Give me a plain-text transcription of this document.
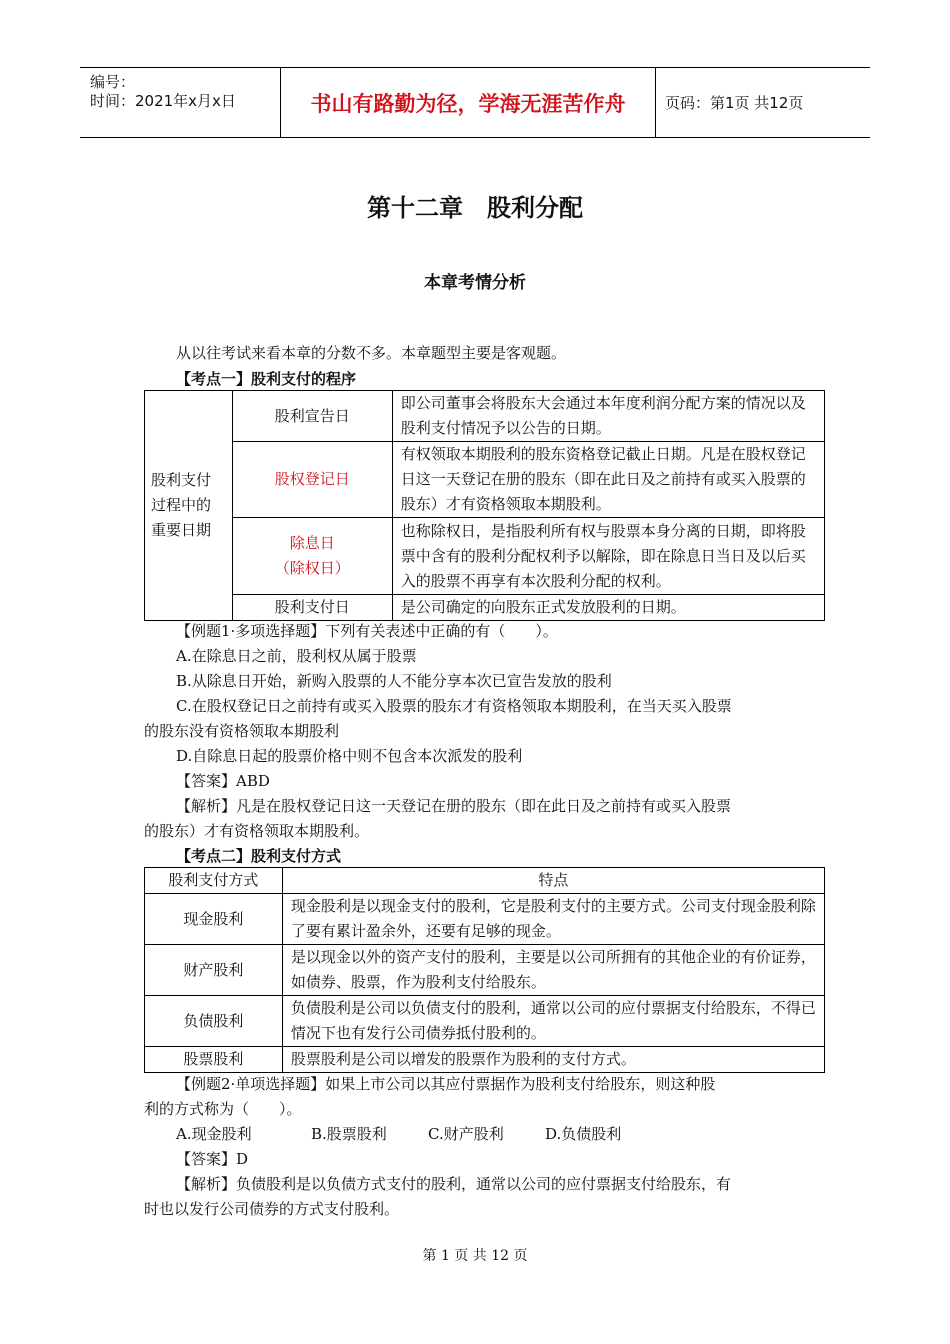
编号：
时间：2021年x月x日	书山有路勤为径，学海无涯苦作舟	页码：第1页 共12页
第十二章　股利分配
本章考情分析
从以往考试来看本章的分数不多。本章题型主要是客观题。
【考点一】股利支付的程序
股利支付过程中的重要日期	股利宣告日	即公司董事会将股东大会通过本年度利润分配方案的情况以及股利支付情况予以公告的日期。
	股权登记日	有权领取本期股利的股东资格登记截止日期。凡是在股权登记日这一天登记在册的股东（即在此日及之前持有或买入股票的股东）才有资格领取本期股利。

	除息日
（除权日）	也称除权日，是指股利所有权与股票本身分离的日期，即将股票中含有的股利分配权利予以解除，即在除息日当日及以后买入的股票不再享有本次股利分配的权利。
	股利支付日	是公司确定的向股东正式发放股利的日期。
【例题1·多项选择题】下列有关表述中正确的有（　　）。
A.在除息日之前，股利权从属于股票
B.从除息日开始，新购入股票的人不能分享本次已宣告发放的股利
C.在股权登记日之前持有或买入股票的股东才有资格领取本期股利，在当天买入股票
的股东没有资格领取本期股利
D.自除息日起的股票价格中则不包含本次派发的股利
【答案】ABD
【解析】凡是在股权登记日这一天登记在册的股东（即在此日及之前持有或买入股票
的股东）才有资格领取本期股利。
【考点二】股利支付方式
股利支付方式	特点
现金股利	现金股利是以现金支付的股利，它是股利支付的主要方式。公司支付现金股利除了要有累计盈余外，还要有足够的现金。
财产股利	是以现金以外的资产支付的股利，主要是以公司所拥有的其他企业的有价证券，如债券、股票，作为股利支付给股东。
负债股利	负债股利是公司以负债支付的股利，通常以公司的应付票据支付给股东，不得已情况下也有发行公司债券抵付股利的。
股票股利	股票股利是公司以增发的股票作为股利的支付方式。
【例题2·单项选择题】如果上市公司以其应付票据作为股利支付给股东，则这种股
利的方式称为（　　）。
A.现金股利	B.股票股利	C.财产股利	D.负债股利
【答案】D
【解析】负债股利是以负债方式支付的股利，通常以公司的应付票据支付给股东，有
时也以发行公司债券的方式支付股利。
第 1 页 共 12 页
